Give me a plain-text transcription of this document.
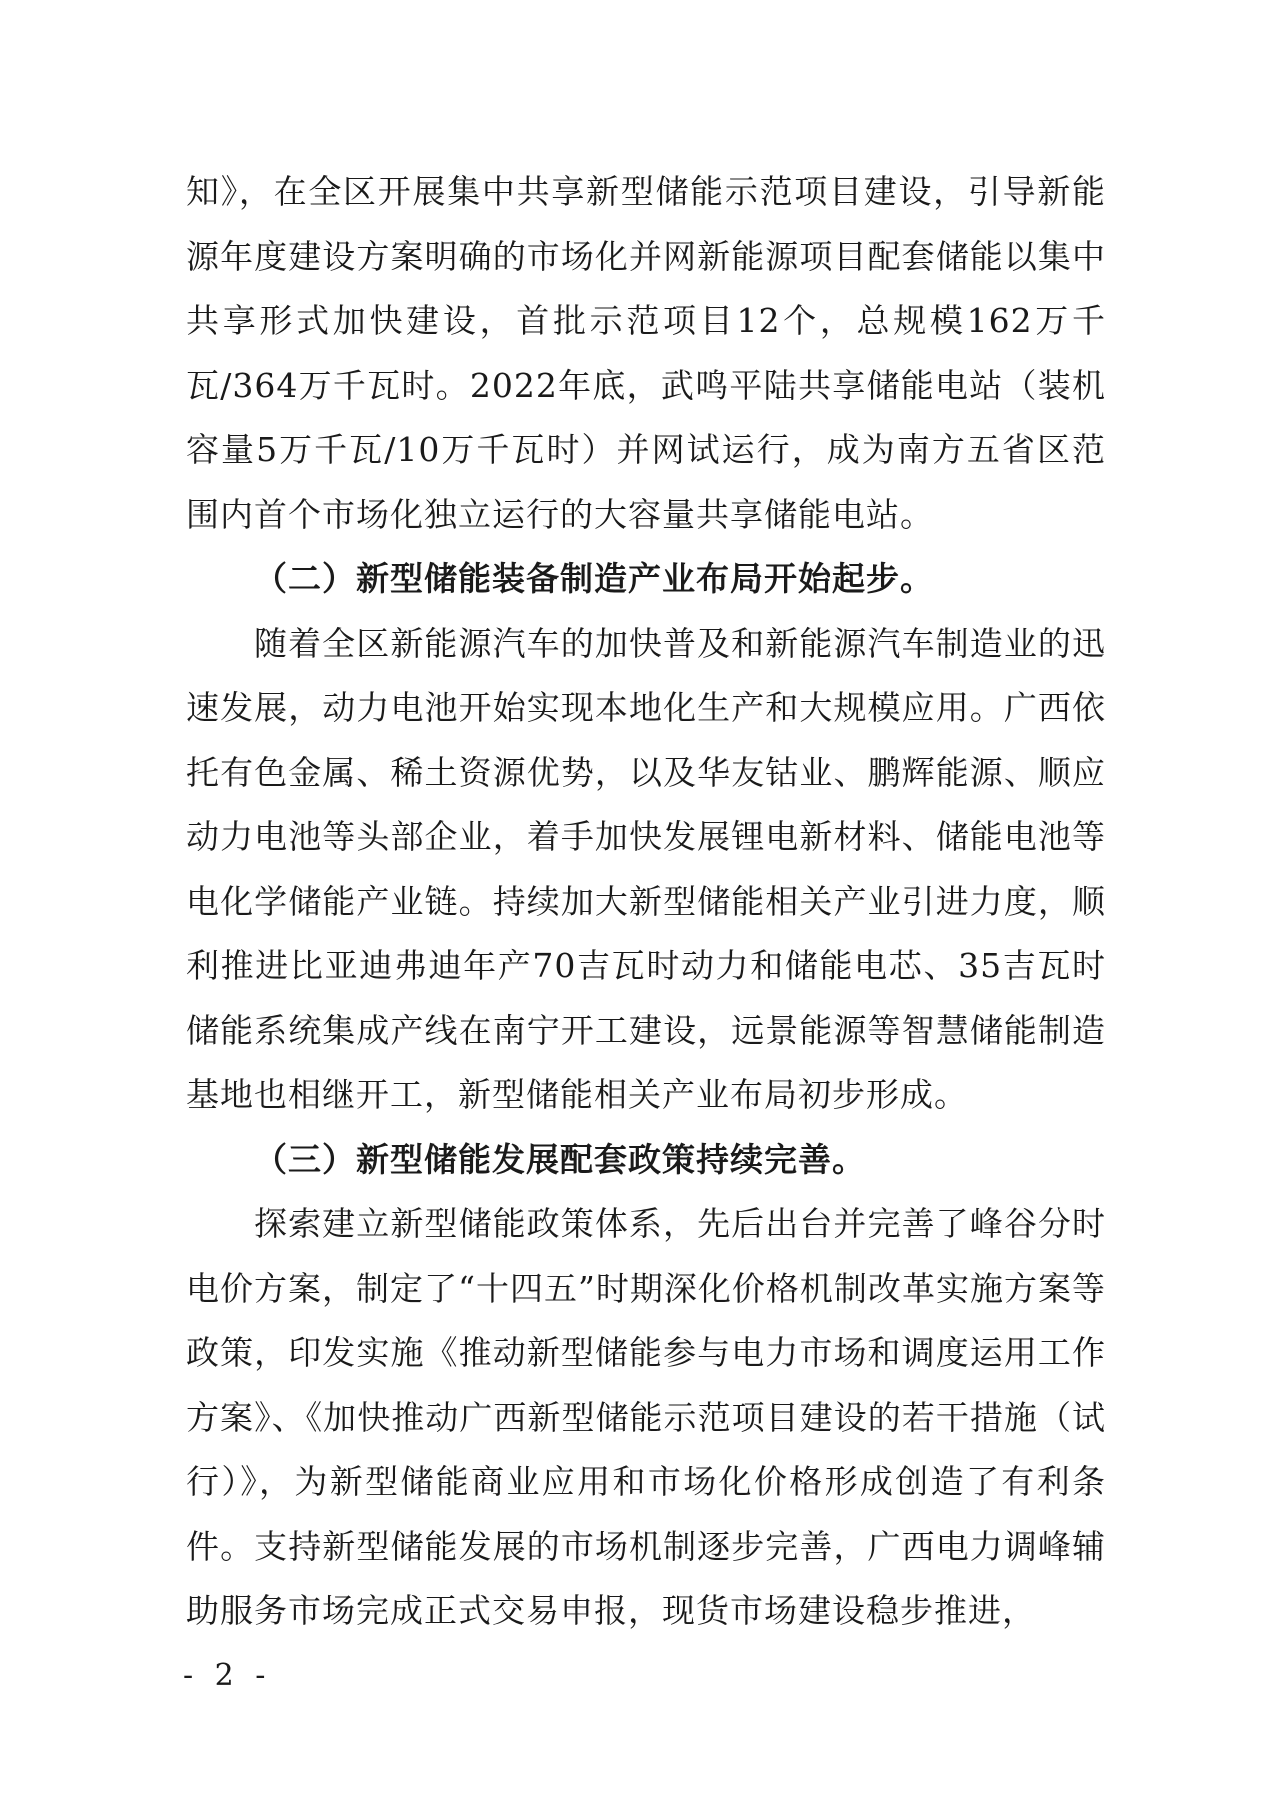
知》，在全区开展集中共享新型储能示范项目建设，引导新能源年度建设方案明确的市场化并网新能源项目配套储能以集中共享形式加快建设，首批示范项目12个，总规模162万千瓦/364万千瓦时。2022年底，武鸣平陆共享储能电站（装机容量5万千瓦/10万千瓦时）并网试运行，成为南方五省区范围内首个市场化独立运行的大容量共享储能电站。

（二）新型储能装备制造产业布局开始起步。

随着全区新能源汽车的加快普及和新能源汽车制造业的迅速发展，动力电池开始实现本地化生产和大规模应用。广西依托有色金属、稀土资源优势，以及华友钴业、鹏辉能源、顺应动力电池等头部企业，着手加快发展锂电新材料、储能电池等电化学储能产业链。持续加大新型储能相关产业引进力度，顺利推进比亚迪弗迪年产70吉瓦时动力和储能电芯、35吉瓦时储能系统集成产线在南宁开工建设，远景能源等智慧储能制造基地也相继开工，新型储能相关产业布局初步形成。

（三）新型储能发展配套政策持续完善。

探索建立新型储能政策体系，先后出台并完善了峰谷分时电价方案，制定了“十四五”时期深化价格机制改革实施方案等政策，印发实施《推动新型储能参与电力市场和调度运用工作方案》、《加快推动广西新型储能示范项目建设的若干措施（试行）》，为新型储能商业应用和市场化价格形成创造了有利条件。支持新型储能发展的市场机制逐步完善，广西电力调峰辅助服务市场完成正式交易申报，现货市场建设稳步推进，

- 2 -
